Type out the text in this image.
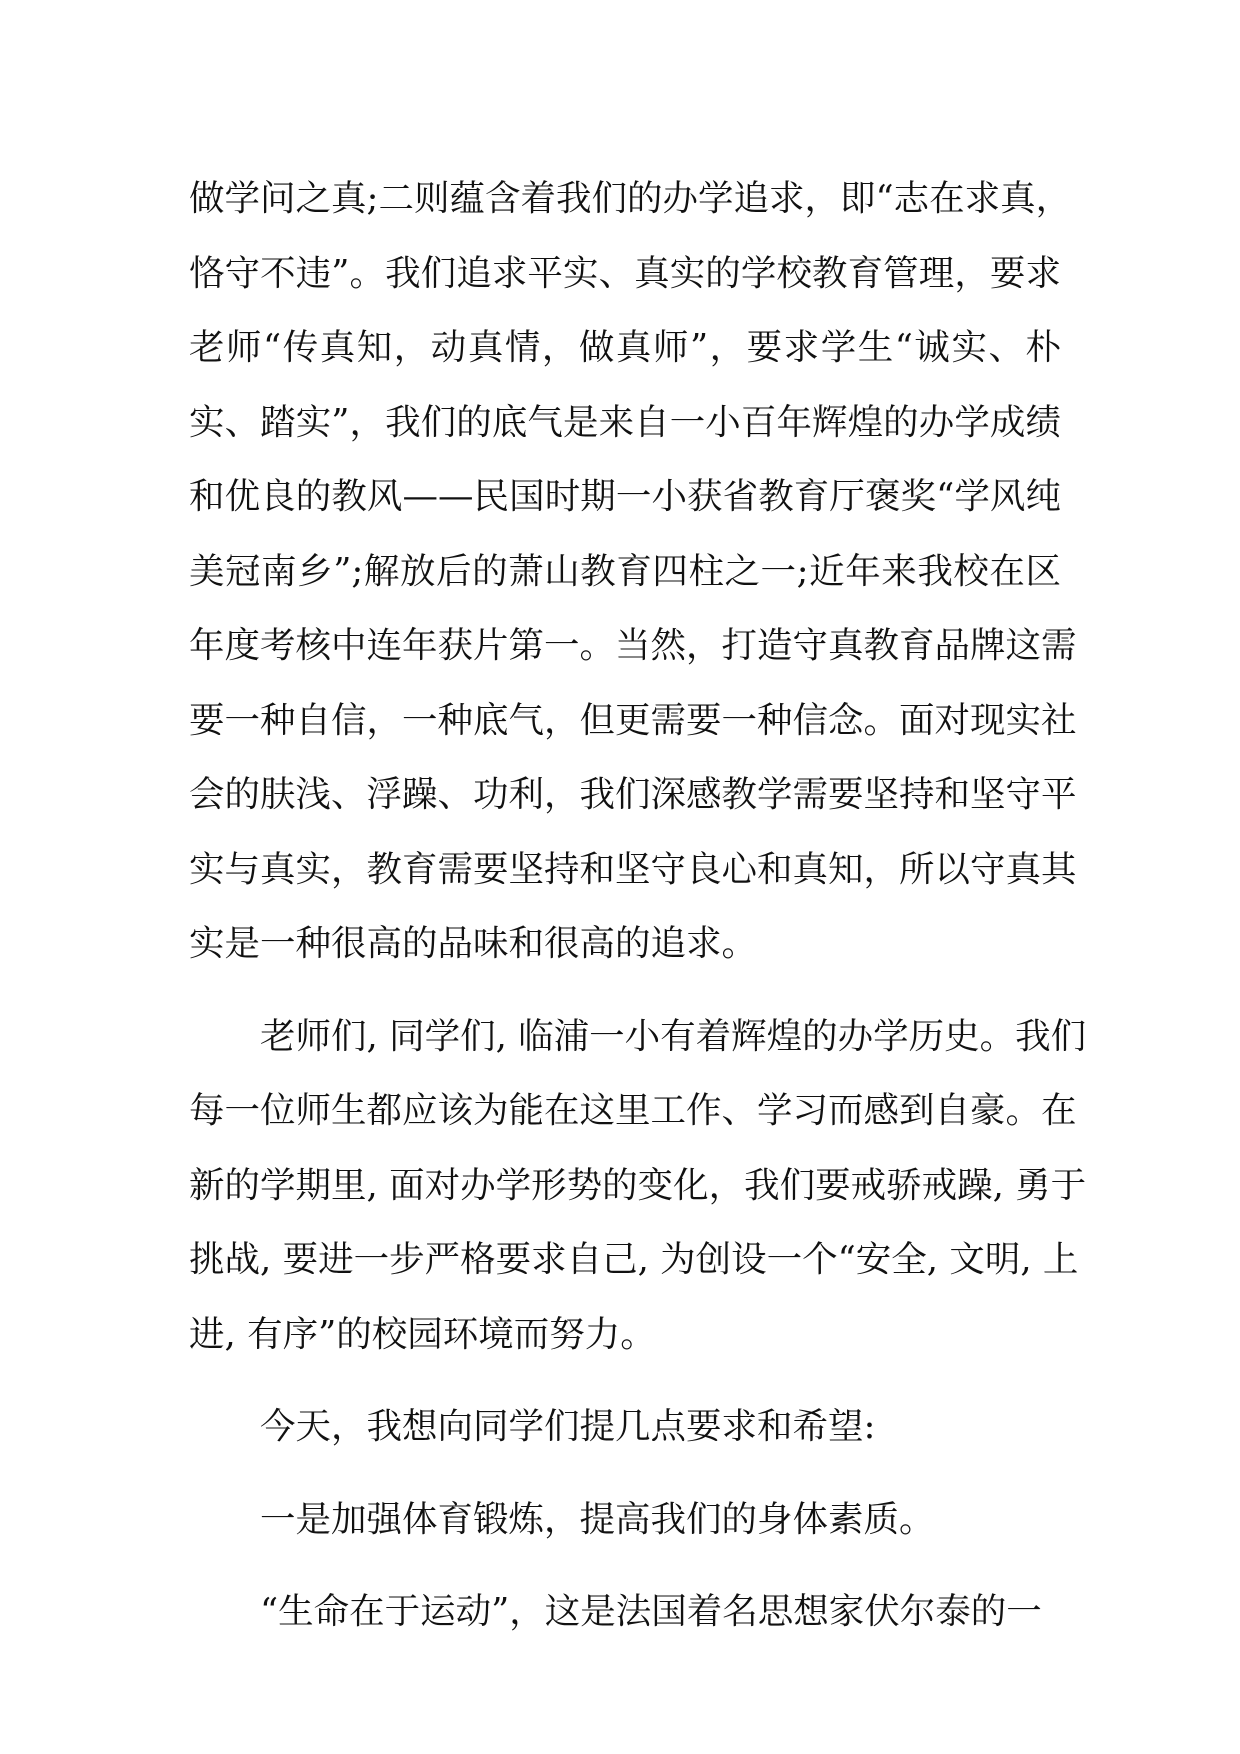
做学问之真;二则蕴含着我们的办学追求，即“志在求真，
恪守不违”。我们追求平实、真实的学校教育管理，要求
老师“传真知，动真情，做真师”，要求学生“诚实、朴
实、踏实”，我们的底气是来自一小百年辉煌的办学成绩
和优良的教风——民国时期一小获省教育厅褒奖“学风纯
美冠南乡”;解放后的萧山教育四柱之一;近年来我校在区
年度考核中连年获片第一。当然，打造守真教育品牌这需
要一种自信，一种底气，但更需要一种信念。面对现实社
会的肤浅、浮躁、功利，我们深感教学需要坚持和坚守平
实与真实，教育需要坚持和坚守良心和真知，所以守真其
实是一种很高的品味和很高的追求。
老师们, 同学们, 临浦一小有着辉煌的办学历史。我们
每一位师生都应该为能在这里工作、学习而感到自豪。在
新的学期里, 面对办学形势的变化，我们要戒骄戒躁, 勇于
挑战, 要进一步严格要求自己, 为创设一个“安全, 文明, 上
进, 有序”的校园环境而努力。
今天，我想向同学们提几点要求和希望:
一是加强体育锻炼，提高我们的身体素质。
“生命在于运动”，这是法国着名思想家伏尔泰的一
